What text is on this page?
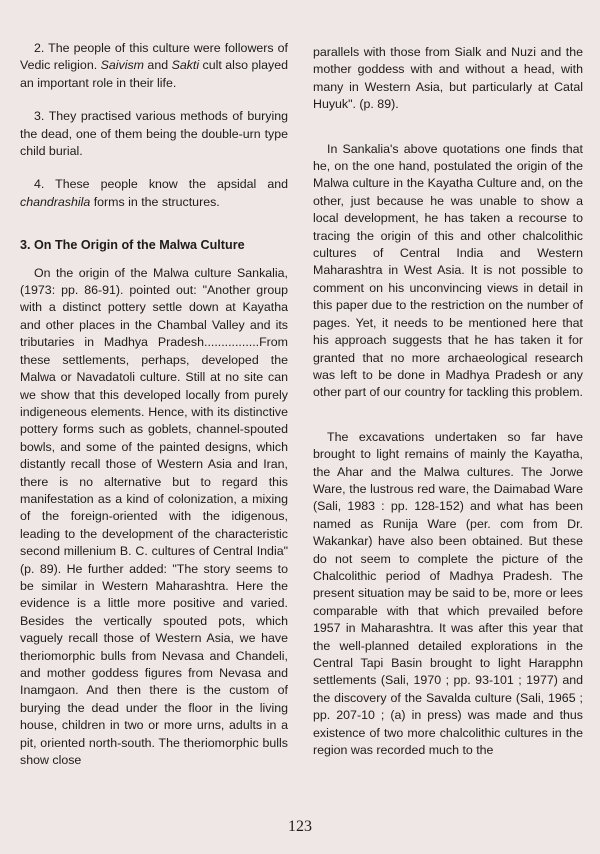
2. The people of this culture were followers of Vedic religion. Saivism and Sakti cult also played an important role in their life.

3. They practised various methods of burying the dead, one of them being the double-urn type child burial.

4. These people know the apsidal and chandrashila forms in the structures.

3. On The Origin of the Malwa Culture

On the origin of the Malwa culture Sankalia, (1973: pp. 86-91). pointed out: "Another group with a distinct pottery settle down at Kayatha and other places in the Chambal Valley and its tributaries in Madhya Pradesh................From these settlements, perhaps, developed the Malwa or Navadatoli culture. Still at no site can we show that this developed locally from purely indigeneous elements. Hence, with its distinctive pottery forms such as goblets, channel-spouted bowls, and some of the painted designs, which distantly recall those of Western Asia and Iran, there is no alternative but to regard this manifestation as a kind of colonization, a mixing of the foreign-oriented with the idigenous, leading to the development of the characteristic second millenium B. C. cultures of Central India" (p. 89). He further added: "The story seems to be similar in Western Maharashtra. Here the evidence is a little more positive and varied. Besides the vertically spouted pots, which vaguely recall those of Western Asia, we have theriomorphic bulls from Nevasa and Chandeli, and mother goddess figures from Nevasa and Inamgaon. And then there is the custom of burying the dead under the floor in the living house, children in two or more urns, adults in a pit, oriented north-south. The theriomorphic bulls show close

parallels with those from Sialk and Nuzi and the mother goddess with and without a head, with many in Western Asia, but particularly at Catal Huyuk". (p. 89).

In Sankalia's above quotations one finds that he, on the one hand, postulated the origin of the Malwa culture in the Kayatha Culture and, on the other, just because he was unable to show a local development, he has taken a recourse to tracing the origin of this and other chalcolithic cultures of Central India and Western Maharashtra in West Asia. It is not possible to comment on his unconvincing views in detail in this paper due to the restriction on the number of pages. Yet, it needs to be mentioned here that his approach suggests that he has taken it for granted that no more archaeological research was left to be done in Madhya Pradesh or any other part of our country for tackling this problem.

The excavations undertaken so far have brought to light remains of mainly the Kayatha, the Ahar and the Malwa cultures. The Jorwe Ware, the lustrous red ware, the Daimabad Ware (Sali, 1983 : pp. 128-152) and what has been named as Runija Ware (per. com from Dr. Wakankar) have also been obtained. But these do not seem to complete the picture of the Chalcolithic period of Madhya Pradesh. The present situation may be said to be, more or lees comparable with that which prevailed before 1957 in Maharashtra. It was after this year that the well-planned detailed explorations in the Central Tapi Basin brought to light Harapphn settlements (Sali, 1970 ; pp. 93-101 ; 1977) and the discovery of the Savalda culture (Sali, 1965 ; pp. 207-10 ; (a) in press) was made and thus existence of two more chalcolithic cultures in the region was recorded much to the

123
